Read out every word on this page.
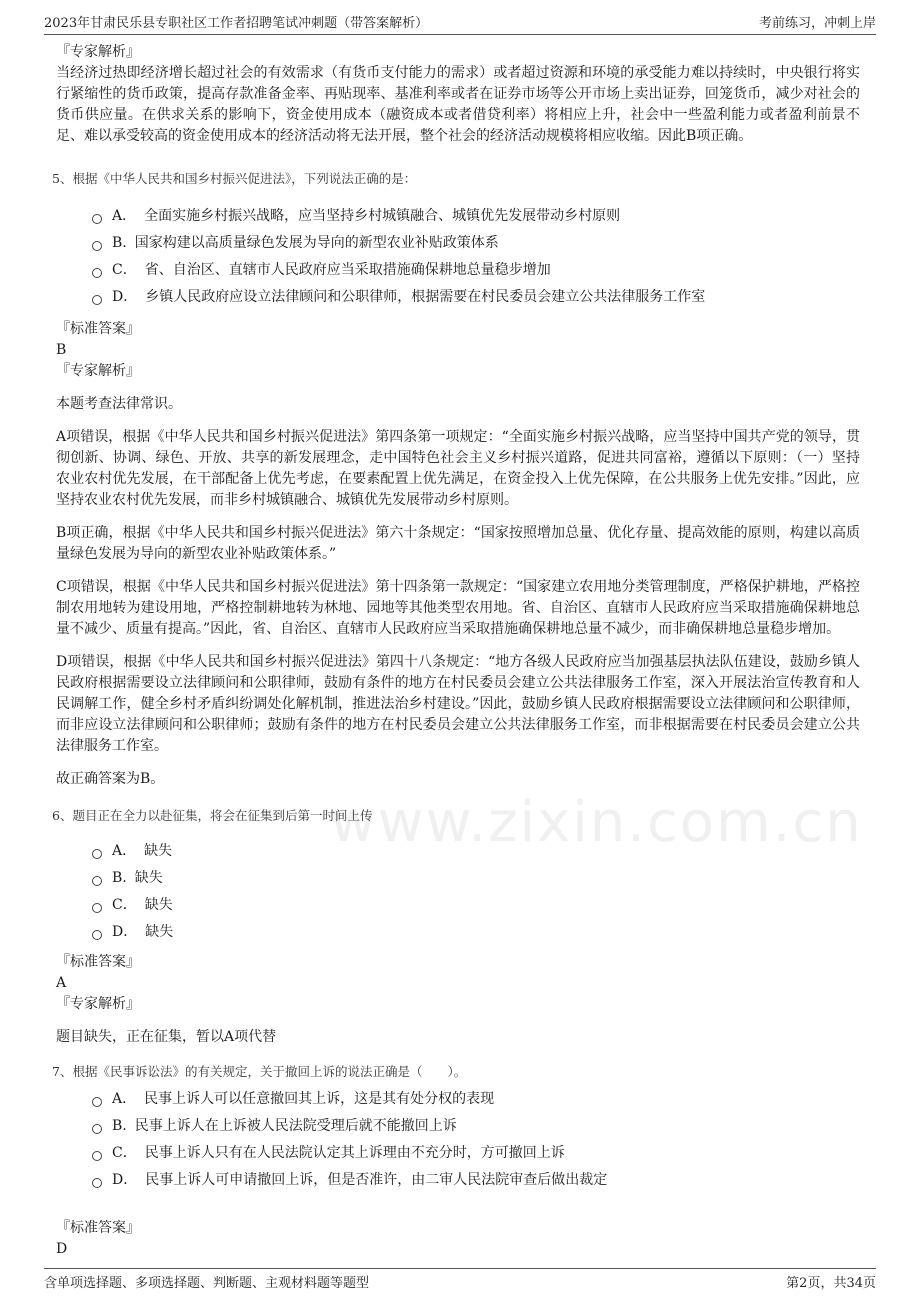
2023年甘肃民乐县专职社区工作者招聘笔试冲刺题（带答案解析）	考前练习，冲刺上岸
www.zixin.com.cn

『专家解析』

当经济过热即经济增长超过社会的有效需求（有货币支付能力的需求）或者超过资源和环境的承受能力难以持续时，中央银行将实行紧缩性的货币政策，提高存款准备金率、再贴现率、基准利率或者在证券市场等公开市场上卖出证券，回笼货币，减少对社会的货币供应量。在供求关系的影响下，资金使用成本（融资成本或者借贷利率）将相应上升，社会中一些盈利能力或者盈利前景不足、难以承受较高的资金使用成本的经济活动将无法开展，整个社会的经济活动规模将相应收缩。因此B项正确。

5、根据《中华人民共和国乡村振兴促进法》，下列说法正确的是：

A． 全面实施乡村振兴战略，应当坚持乡村城镇融合、城镇优先发展带动乡村原则
B. 国家构建以高质量绿色发展为导向的新型农业补贴政策体系
C． 省、自治区、直辖市人民政府应当采取措施确保耕地总量稳步增加
D． 乡镇人民政府应设立法律顾问和公职律师，根据需要在村民委员会建立公共法律服务工作室

『标准答案』

B

『专家解析』

本题考查法律常识。

A项错误，根据《中华人民共和国乡村振兴促进法》第四条第一项规定：“全面实施乡村振兴战略，应当坚持中国共产党的领导，贯彻创新、协调、绿色、开放、共享的新发展理念，走中国特色社会主义乡村振兴道路，促进共同富裕，遵循以下原则：（一）坚持农业农村优先发展，在干部配备上优先考虑，在要素配置上优先满足，在资金投入上优先保障，在公共服务上优先安排。”因此，应坚持农业农村优先发展，而非乡村城镇融合、城镇优先发展带动乡村原则。

B项正确，根据《中华人民共和国乡村振兴促进法》第六十条规定：“国家按照增加总量、优化存量、提高效能的原则，构建以高质量绿色发展为导向的新型农业补贴政策体系。”

C项错误，根据《中华人民共和国乡村振兴促进法》第十四条第一款规定：“国家建立农用地分类管理制度，严格保护耕地，严格控制农用地转为建设用地，严格控制耕地转为林地、园地等其他类型农用地。省、自治区、直辖市人民政府应当采取措施确保耕地总量不减少、质量有提高。”因此，省、自治区、直辖市人民政府应当采取措施确保耕地总量不减少，而非确保耕地总量稳步增加。

D项错误，根据《中华人民共和国乡村振兴促进法》第四十八条规定：“地方各级人民政府应当加强基层执法队伍建设，鼓励乡镇人民政府根据需要设立法律顾问和公职律师，鼓励有条件的地方在村民委员会建立公共法律服务工作室，深入开展法治宣传教育和人民调解工作，健全乡村矛盾纠纷调处化解机制，推进法治乡村建设。”因此，鼓励乡镇人民政府根据需要设立法律顾问和公职律师，而非应设立法律顾问和公职律师；鼓励有条件的地方在村民委员会建立公共法律服务工作室，而非根据需要在村民委员会建立公共法律服务工作室。

故正确答案为B。

6、题目正在全力以赴征集，将会在征集到后第一时间上传

A． 缺失
B. 缺失
C． 缺失
D． 缺失

『标准答案』

A

『专家解析』

题目缺失，正在征集，暂以A项代替

7、根据《民事诉讼法》的有关规定，关于撤回上诉的说法正确是（　　）。

A． 民事上诉人可以任意撤回其上诉，这是其有处分权的表现
B. 民事上诉人在上诉被人民法院受理后就不能撤回上诉
C． 民事上诉人只有在人民法院认定其上诉理由不充分时，方可撤回上诉
D． 民事上诉人可申请撤回上诉，但是否准许，由二审人民法院审查后做出裁定

『标准答案』

D

含单项选择题、多项选择题、判断题、主观材料题等题型	第2页，共34页
